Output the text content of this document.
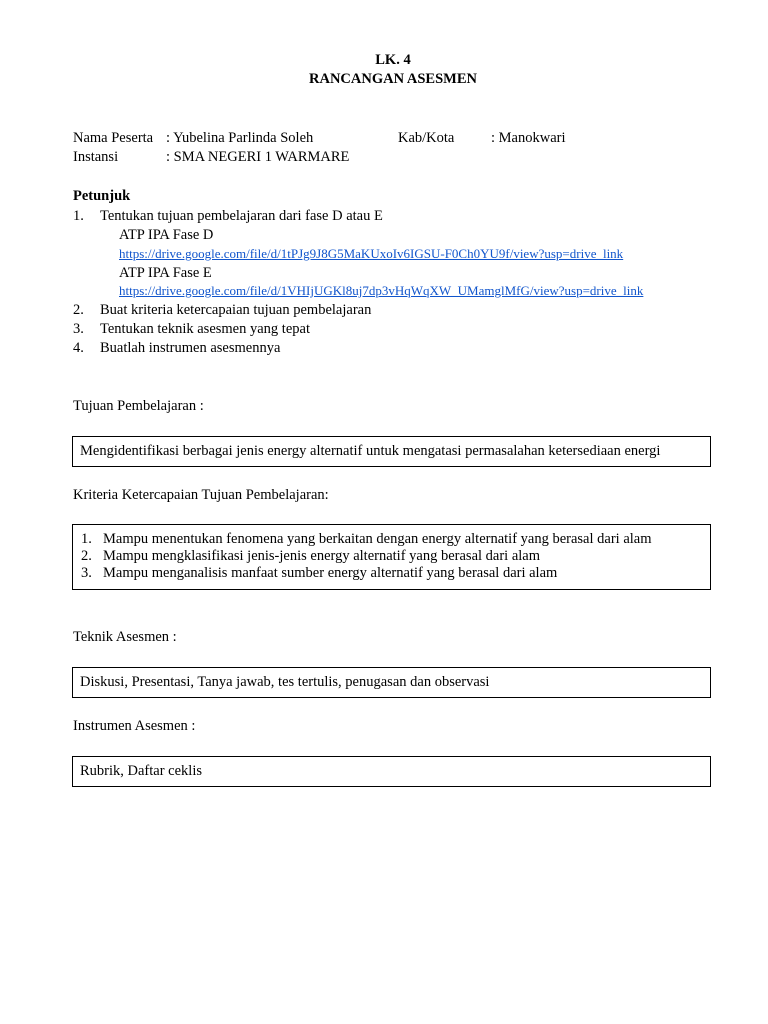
LK. 4
RANCANGAN ASESMEN
Nama Peserta : Yubelina Parlinda Soleh	Kab/Kota	: Manokwari
Instansi	: SMA NEGERI 1 WARMARE
Petunjuk
1. Tentukan tujuan pembelajaran dari fase D atau E
ATP IPA Fase D
https://drive.google.com/file/d/1tPJg9J8G5MaKUxoIv6IGSU-F0Ch0YU9f/view?usp=drive_link
ATP IPA Fase E
https://drive.google.com/file/d/1VHIjUGKl8uj7dp3vHqWqXW_UMamglMfG/view?usp=drive_link
2. Buat kriteria ketercapaian tujuan pembelajaran
3. Tentukan teknik asesmen yang tepat
4. Buatlah instrumen asesmennya
Tujuan Pembelajaran :
Mengidentifikasi berbagai jenis energy alternatif untuk mengatasi permasalahan ketersediaan energi
Kriteria Ketercapaian Tujuan Pembelajaran:
1. Mampu menentukan fenomena yang berkaitan dengan energy alternatif yang berasal dari alam
2. Mampu mengklasifikasi jenis-jenis energy alternatif yang berasal dari alam
3. Mampu menganalisis manfaat sumber energy alternatif yang berasal dari alam
Teknik Asesmen :
Diskusi, Presentasi, Tanya jawab, tes tertulis, penugasan dan observasi
Instrumen Asesmen :
Rubrik, Daftar ceklis
